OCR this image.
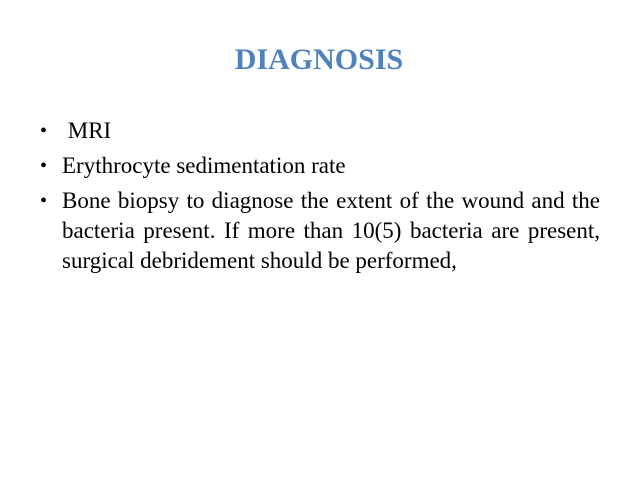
DIAGNOSIS
• MRI
• Erythrocyte sedimentation rate
• Bone biopsy to diagnose the extent of the wound and the bacteria present. If more than 10(5) bacteria are present, surgical debridement should be performed,
